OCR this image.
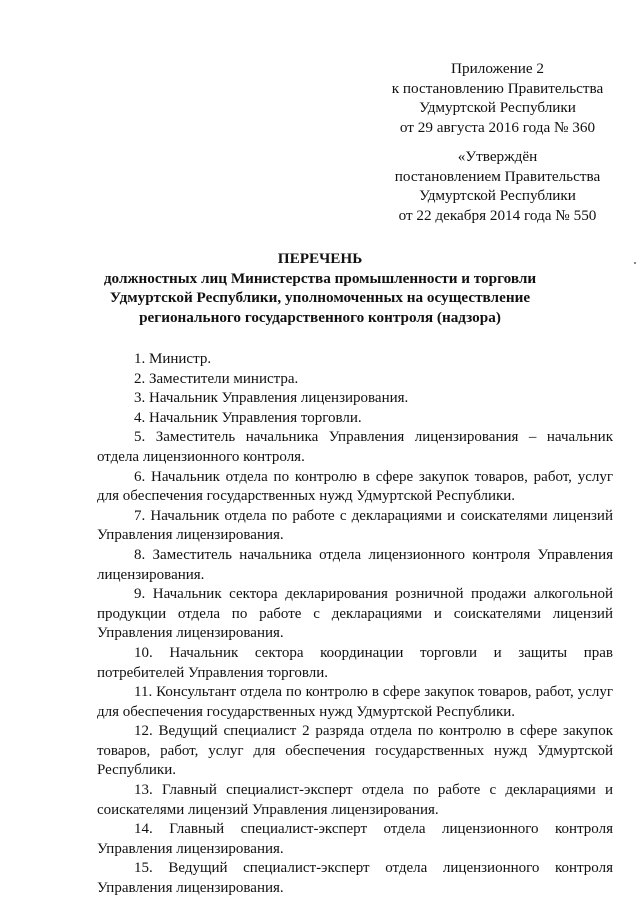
Приложение 2
к постановлению Правительства
Удмуртской Республики
от 29 августа 2016 года № 360
«Утверждён
постановлением Правительства
Удмуртской Республики
от 22 декабря 2014 года № 550
ПЕРЕЧЕНЬ
должностных лиц Министерства промышленности и торговли
Удмуртской Республики, уполномоченных на осуществление
регионального государственного контроля (надзора)

1. Министр.

2. Заместители министра.

3. Начальник Управления лицензирования.

4. Начальник Управления торговли.

5. Заместитель начальника Управления лицензирования – начальник отдела лицензионного контроля.

6. Начальник отдела по контролю в сфере закупок товаров, работ, услуг для обеспечения государственных нужд Удмуртской Республики.

7. Начальник отдела по работе с декларациями и соискателями лицензий Управления лицензирования.

8. Заместитель начальника отдела лицензионного контроля Управления лицензирования.

9. Начальник сектора декларирования розничной продажи алкогольной продукции отдела по работе с декларациями и соискателями лицензий Управления лицензирования.

10. Начальник сектора координации торговли и защиты прав потребителей Управления торговли.

11. Консультант отдела по контролю в сфере закупок товаров, работ, услуг для обеспечения государственных нужд Удмуртской Республики.

12. Ведущий специалист 2 разряда отдела по контролю в сфере закупок товаров, работ, услуг для обеспечения государственных нужд Удмуртской Республики.

13. Главный специалист-эксперт отдела по работе с декларациями и соискателями лицензий Управления лицензирования.

14. Главный специалист-эксперт отдела лицензионного контроля Управления лицензирования.

15. Ведущий специалист-эксперт отдела лицензионного контроля Управления лицензирования.
